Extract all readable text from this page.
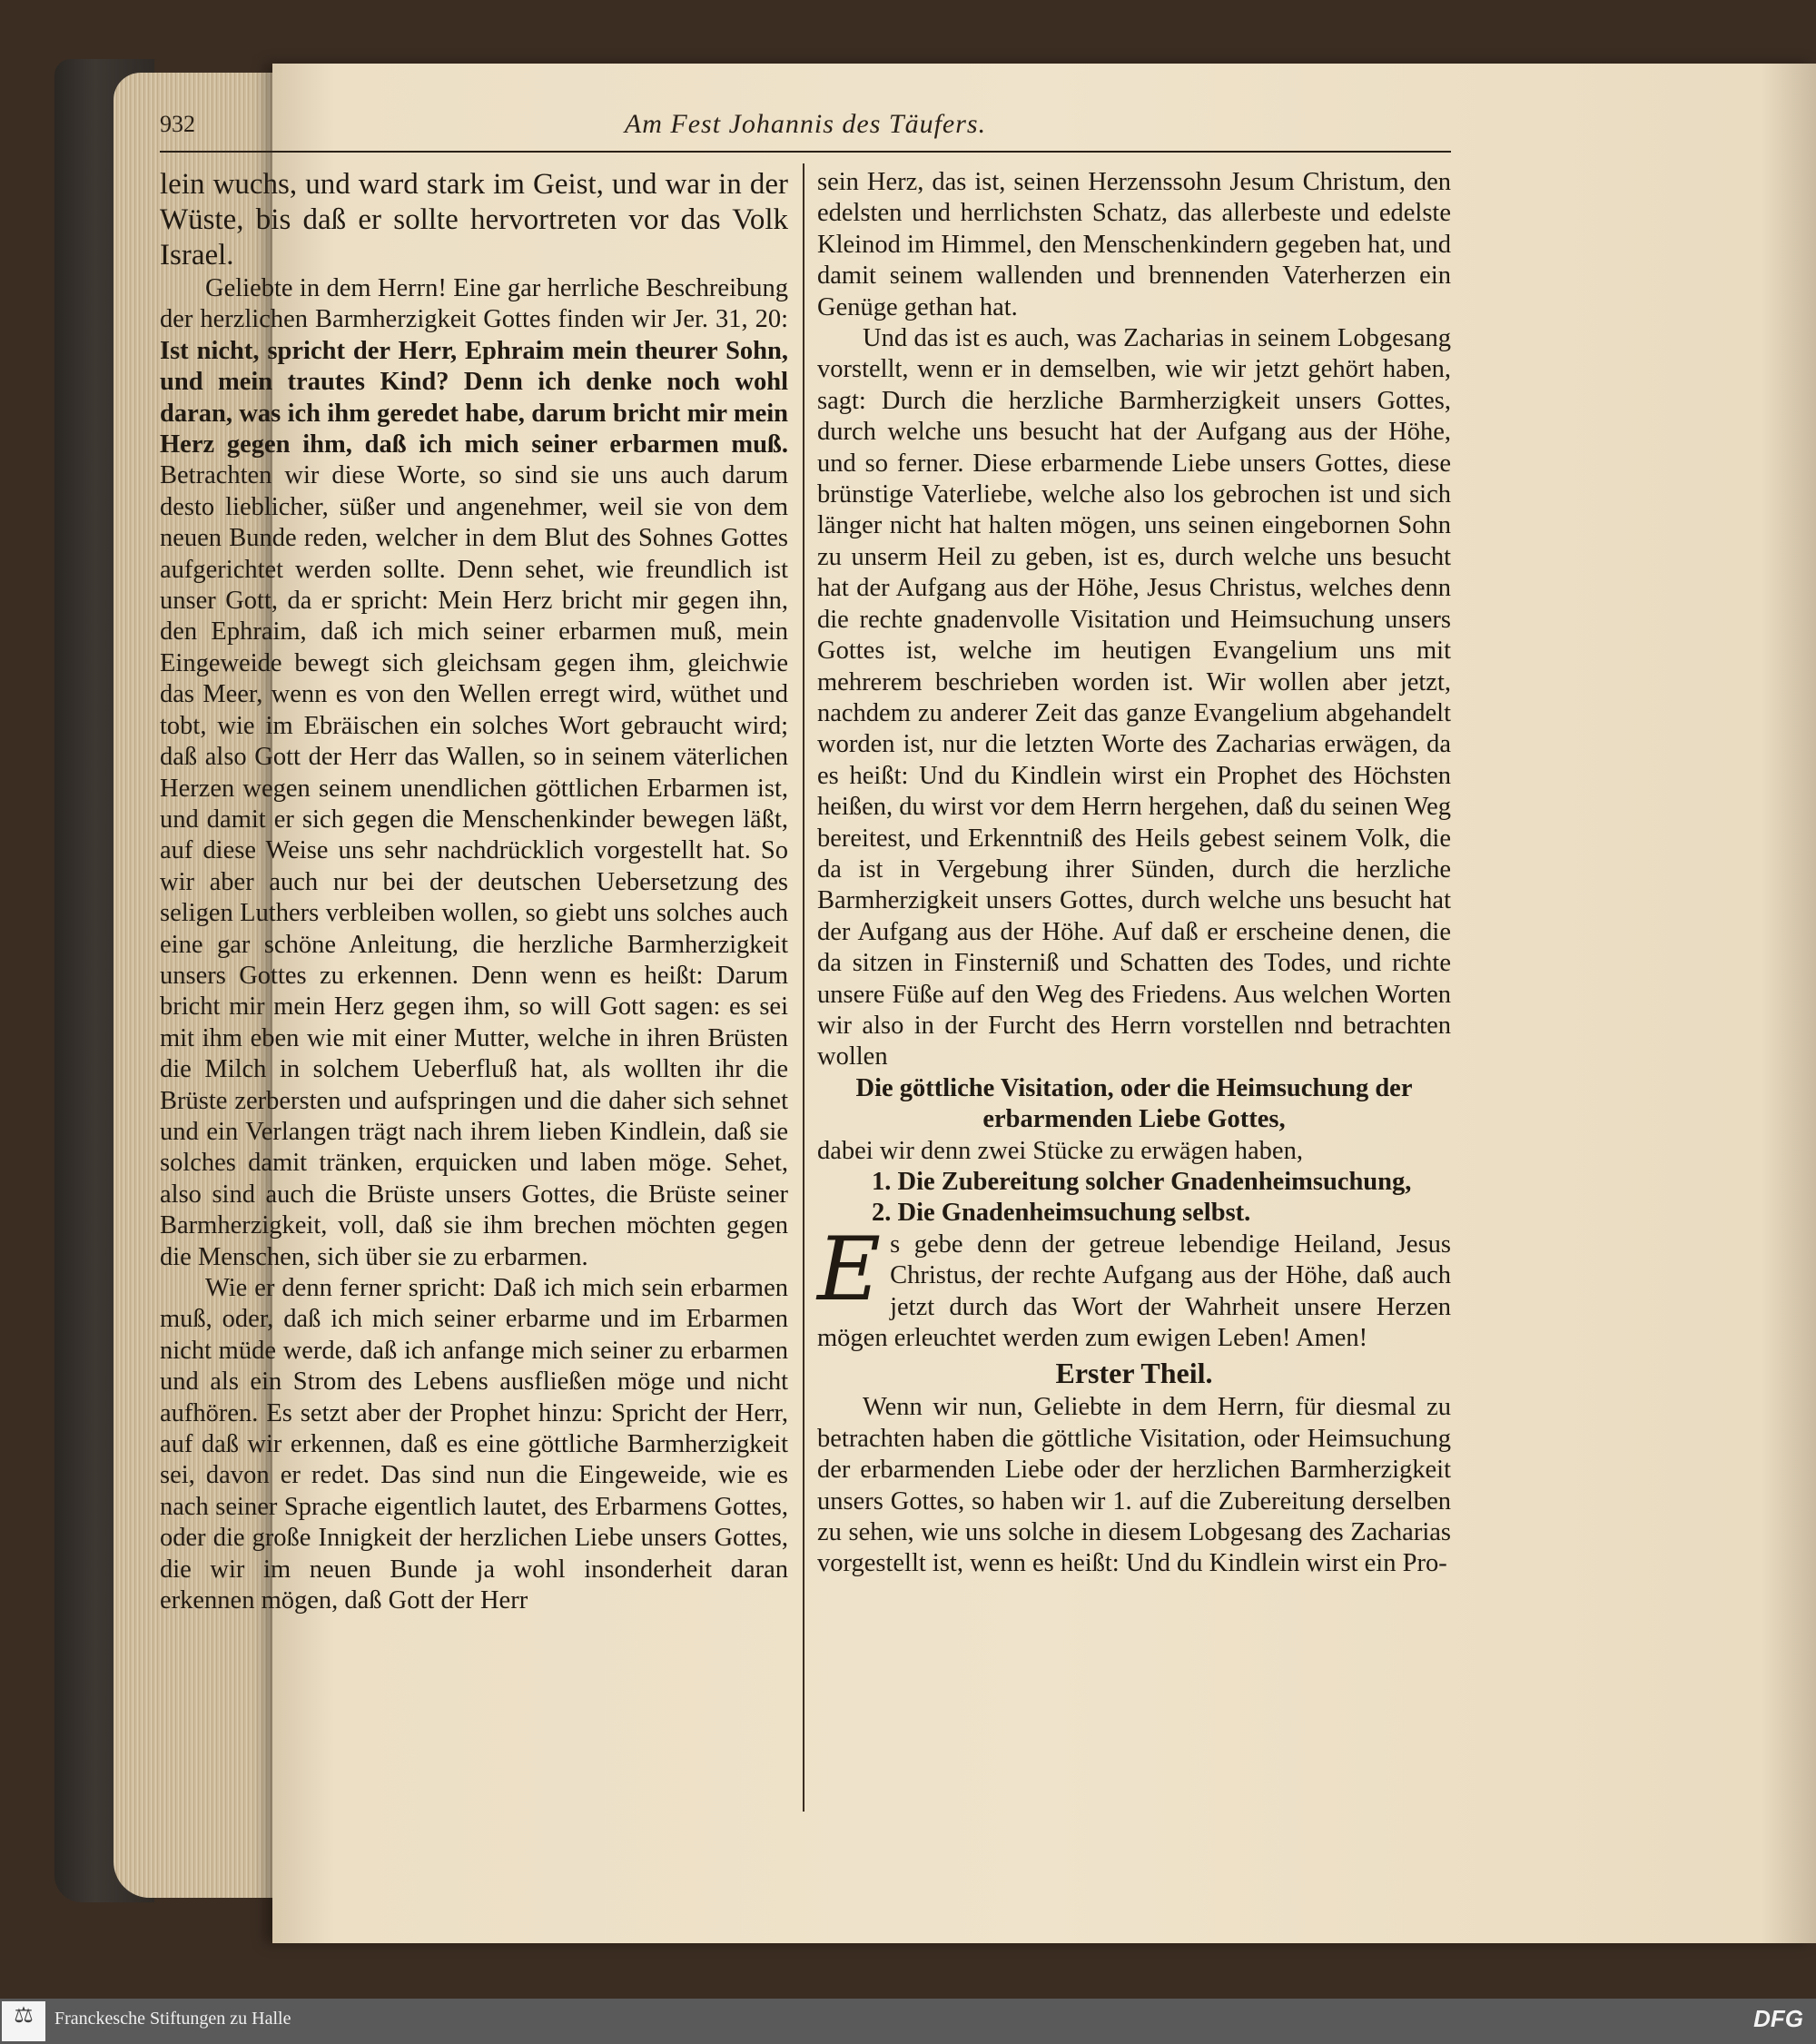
932	Am Fest Johannis des Täufers.

lein wuchs, und ward stark im Geist, und war in der Wüste, bis daß er sollte hervortreten vor das Volk Israel.

Geliebte in dem Herrn! Eine gar herrliche Beschreibung der herzlichen Barmherzigkeit Gottes finden wir Jer. 31, 20: Ist nicht, spricht der Herr, Ephraim mein theurer Sohn, und mein trautes Kind? Denn ich denke noch wohl daran, was ich ihm geredet habe, darum bricht mir mein Herz gegen ihm, daß ich mich seiner erbarmen muß. Betrachten wir diese Worte, so sind sie uns auch darum desto lieblicher, süßer und angenehmer, weil sie von dem neuen Bunde reden, welcher in dem Blut des Sohnes Gottes aufgerichtet werden sollte. Denn sehet, wie freundlich ist unser Gott, da er spricht: Mein Herz bricht mir gegen ihn, den Ephraim, daß ich mich seiner erbarmen muß, mein Eingeweide bewegt sich gleichsam gegen ihm, gleichwie das Meer, wenn es von den Wellen erregt wird, wüthet und tobt, wie im Ebräischen ein solches Wort gebraucht wird; daß also Gott der Herr das Wallen, so in seinem väterlichen Herzen wegen seinem unendlichen göttlichen Erbarmen ist, und damit er sich gegen die Menschenkinder bewegen läßt, auf diese Weise uns sehr nachdrücklich vorgestellt hat. So wir aber auch nur bei der deutschen Uebersetzung des seligen Luthers verbleiben wollen, so giebt uns solches auch eine gar schöne Anleitung, die herzliche Barmherzigkeit unsers Gottes zu erkennen. Denn wenn es heißt: Darum bricht mir mein Herz gegen ihm, so will Gott sagen: es sei mit ihm eben wie mit einer Mutter, welche in ihren Brüsten die Milch in solchem Ueberfluß hat, als wollten ihr die Brüste zerbersten und aufspringen und die daher sich sehnet und ein Verlangen trägt nach ihrem lieben Kindlein, daß sie solches damit tränken, erquicken und laben möge. Sehet, also sind auch die Brüste unsers Gottes, die Brüste seiner Barmherzigkeit, voll, daß sie ihm brechen möchten gegen die Menschen, sich über sie zu erbarmen.

Wie er denn ferner spricht: Daß ich mich sein erbarmen muß, oder, daß ich mich seiner erbarme und im Erbarmen nicht müde werde, daß ich anfange mich seiner zu erbarmen und als ein Strom des Lebens ausfließen möge und nicht aufhören. Es setzt aber der Prophet hinzu: Spricht der Herr, auf daß wir erkennen, daß es eine göttliche Barmherzigkeit sei, davon er redet. Das sind nun die Eingeweide, wie es nach seiner Sprache eigentlich lautet, des Erbarmens Gottes, oder die große Innigkeit der herzlichen Liebe unsers Gottes, die wir im neuen Bunde ja wohl insonderheit daran erkennen mögen, daß Gott der Herr

sein Herz, das ist, seinen Herzenssohn Jesum Christum, den edelsten und herrlichsten Schatz, das allerbeste und edelste Kleinod im Himmel, den Menschenkindern gegeben hat, und damit seinem wallenden und brennenden Vaterherzen ein Genüge gethan hat.

Und das ist es auch, was Zacharias in seinem Lobgesang vorstellt, wenn er in demselben, wie wir jetzt gehört haben, sagt: Durch die herzliche Barmherzigkeit unsers Gottes, durch welche uns besucht hat der Aufgang aus der Höhe, und so ferner. Diese erbarmende Liebe unsers Gottes, diese brünstige Vaterliebe, welche also los gebrochen ist und sich länger nicht hat halten mögen, uns seinen eingebornen Sohn zu unserm Heil zu geben, ist es, durch welche uns besucht hat der Aufgang aus der Höhe, Jesus Christus, welches denn die rechte gnadenvolle Visitation und Heimsuchung unsers Gottes ist, welche im heutigen Evangelium uns mit mehrerem beschrieben worden ist. Wir wollen aber jetzt, nachdem zu anderer Zeit das ganze Evangelium abgehandelt worden ist, nur die letzten Worte des Zacharias erwägen, da es heißt: Und du Kindlein wirst ein Prophet des Höchsten heißen, du wirst vor dem Herrn hergehen, daß du seinen Weg bereitest, und Erkenntniß des Heils gebest seinem Volk, die da ist in Vergebung ihrer Sünden, durch die herzliche Barmherzigkeit unsers Gottes, durch welche uns besucht hat der Aufgang aus der Höhe. Auf daß er erscheine denen, die da sitzen in Finsterniß und Schatten des Todes, und richte unsere Füße auf den Weg des Friedens. Aus welchen Worten wir also in der Furcht des Herrn vorstellen nnd betrachten wollen

Die göttliche Visitation, oder die Heimsuchung der erbarmenden Liebe Gottes,

dabei wir denn zwei Stücke zu erwägen haben,

1. Die Zubereitung solcher Gnadenheimsuchung,
2. Die Gnadenheimsuchung selbst.

Es gebe denn der getreue lebendige Heiland, Jesus Christus, der rechte Aufgang aus der Höhe, daß auch jetzt durch das Wort der Wahrheit unsere Herzen mögen erleuchtet werden zum ewigen Leben! Amen!

Erster Theil.

Wenn wir nun, Geliebte in dem Herrn, für diesmal zu betrachten haben die göttliche Visitation, oder Heimsuchung der erbarmenden Liebe oder der herzlichen Barmherzigkeit unsers Gottes, so haben wir 1. auf die Zubereitung derselben zu sehen, wie uns solche in diesem Lobgesang des Zacharias vorgestellt ist, wenn es heißt: Und du Kindlein wirst ein Pro-

⚖	Franckesche Stiftungen zu Halle	DFG
